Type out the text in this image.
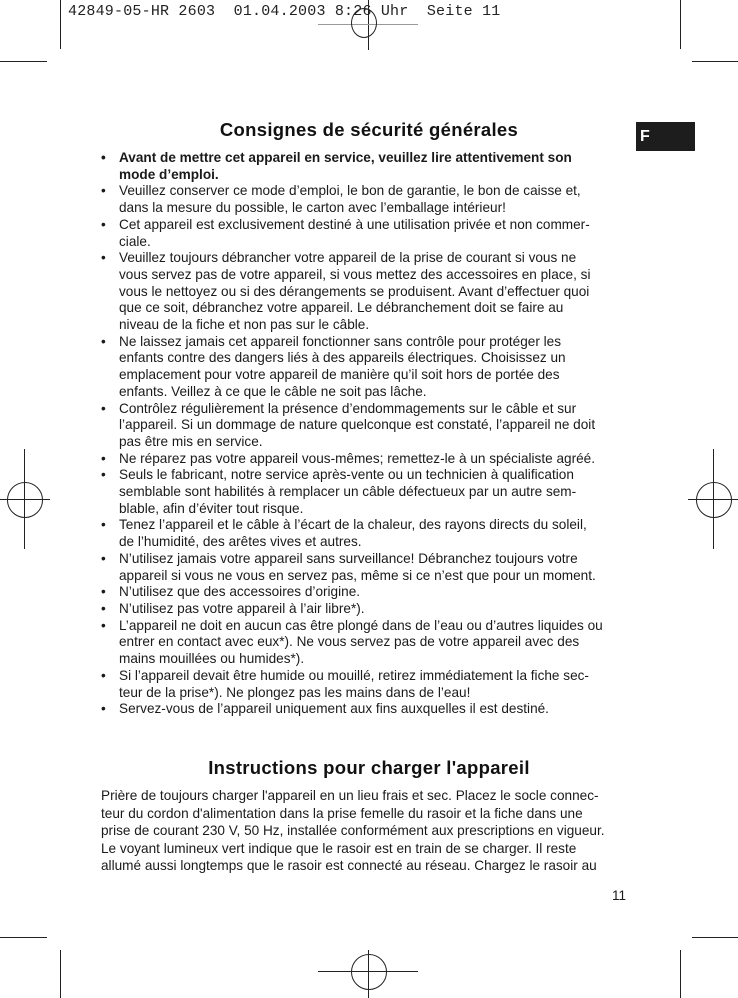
42849-05-HR 2603  01.04.2003 8:26 Uhr  Seite 11
Consignes de sécurité générales	F
• Avant de mettre cet appareil en service, veuillez lire attentivement son
mode d’emploi.
• Veuillez conserver ce mode d’emploi, le bon de garantie, le bon de caisse et,
dans la mesure du possible, le carton avec l’emballage intérieur!
• Cet appareil est exclusivement destiné à une utilisation privée et non commer-
ciale.
• Veuillez toujours débrancher votre appareil de la prise de courant si vous ne
vous servez pas de votre appareil, si vous mettez des accessoires en place, si
vous le nettoyez ou si des dérangements se produisent. Avant d’effectuer quoi
que ce soit, débranchez votre appareil. Le débranchement doit se faire au
niveau de la fiche et non pas sur le câble.
• Ne laissez jamais cet appareil fonctionner sans contrôle pour protéger les
enfants contre des dangers liés à des appareils électriques. Choisissez un
emplacement pour votre appareil de manière qu’il soit hors de portée des
enfants. Veillez à ce que le câble ne soit pas lâche.
• Contrôlez régulièrement la présence d’endommagements sur le câble et sur
l’appareil. Si un dommage de nature quelconque est constaté, l’appareil ne doit
pas être mis en service.
• Ne réparez pas votre appareil vous-mêmes; remettez-le à un spécialiste agréé.
• Seuls le fabricant, notre service après-vente ou un technicien à qualification
semblable sont habilités à remplacer un câble défectueux par un autre sem-
blable, afin d’éviter tout risque.
• Tenez l’appareil et le câble à l’écart de la chaleur, des rayons directs du soleil,
de l’humidité, des arêtes vives et autres.
• N’utilisez jamais votre appareil sans surveillance! Débranchez toujours votre
appareil si vous ne vous en servez pas, même si ce n’est que pour un moment.
• N’utilisez que des accessoires d’origine.
• N’utilisez pas votre appareil à l’air libre*).
• L’appareil ne doit en aucun cas être plongé dans de l’eau ou d’autres liquides ou
entrer en contact avec eux*). Ne vous servez pas de votre appareil avec des
mains mouillées ou humides*).
• Si l’appareil devait être humide ou mouillé, retirez immédiatement la fiche sec-
teur de la prise*). Ne plongez pas les mains dans de l’eau!
• Servez-vous de l’appareil uniquement aux fins auxquelles il est destiné.
Instructions pour charger l'appareil
Prière de toujours charger l'appareil en un lieu frais et sec. Placez le socle connec-
teur du cordon d'alimentation dans la prise femelle du rasoir et la fiche dans une
prise de courant 230 V, 50 Hz, installée conformément aux prescriptions en vigueur.
Le voyant lumineux vert indique que le rasoir est en train de se charger. Il reste
allumé aussi longtemps que le rasoir est connecté au réseau. Chargez le rasoir au
11
